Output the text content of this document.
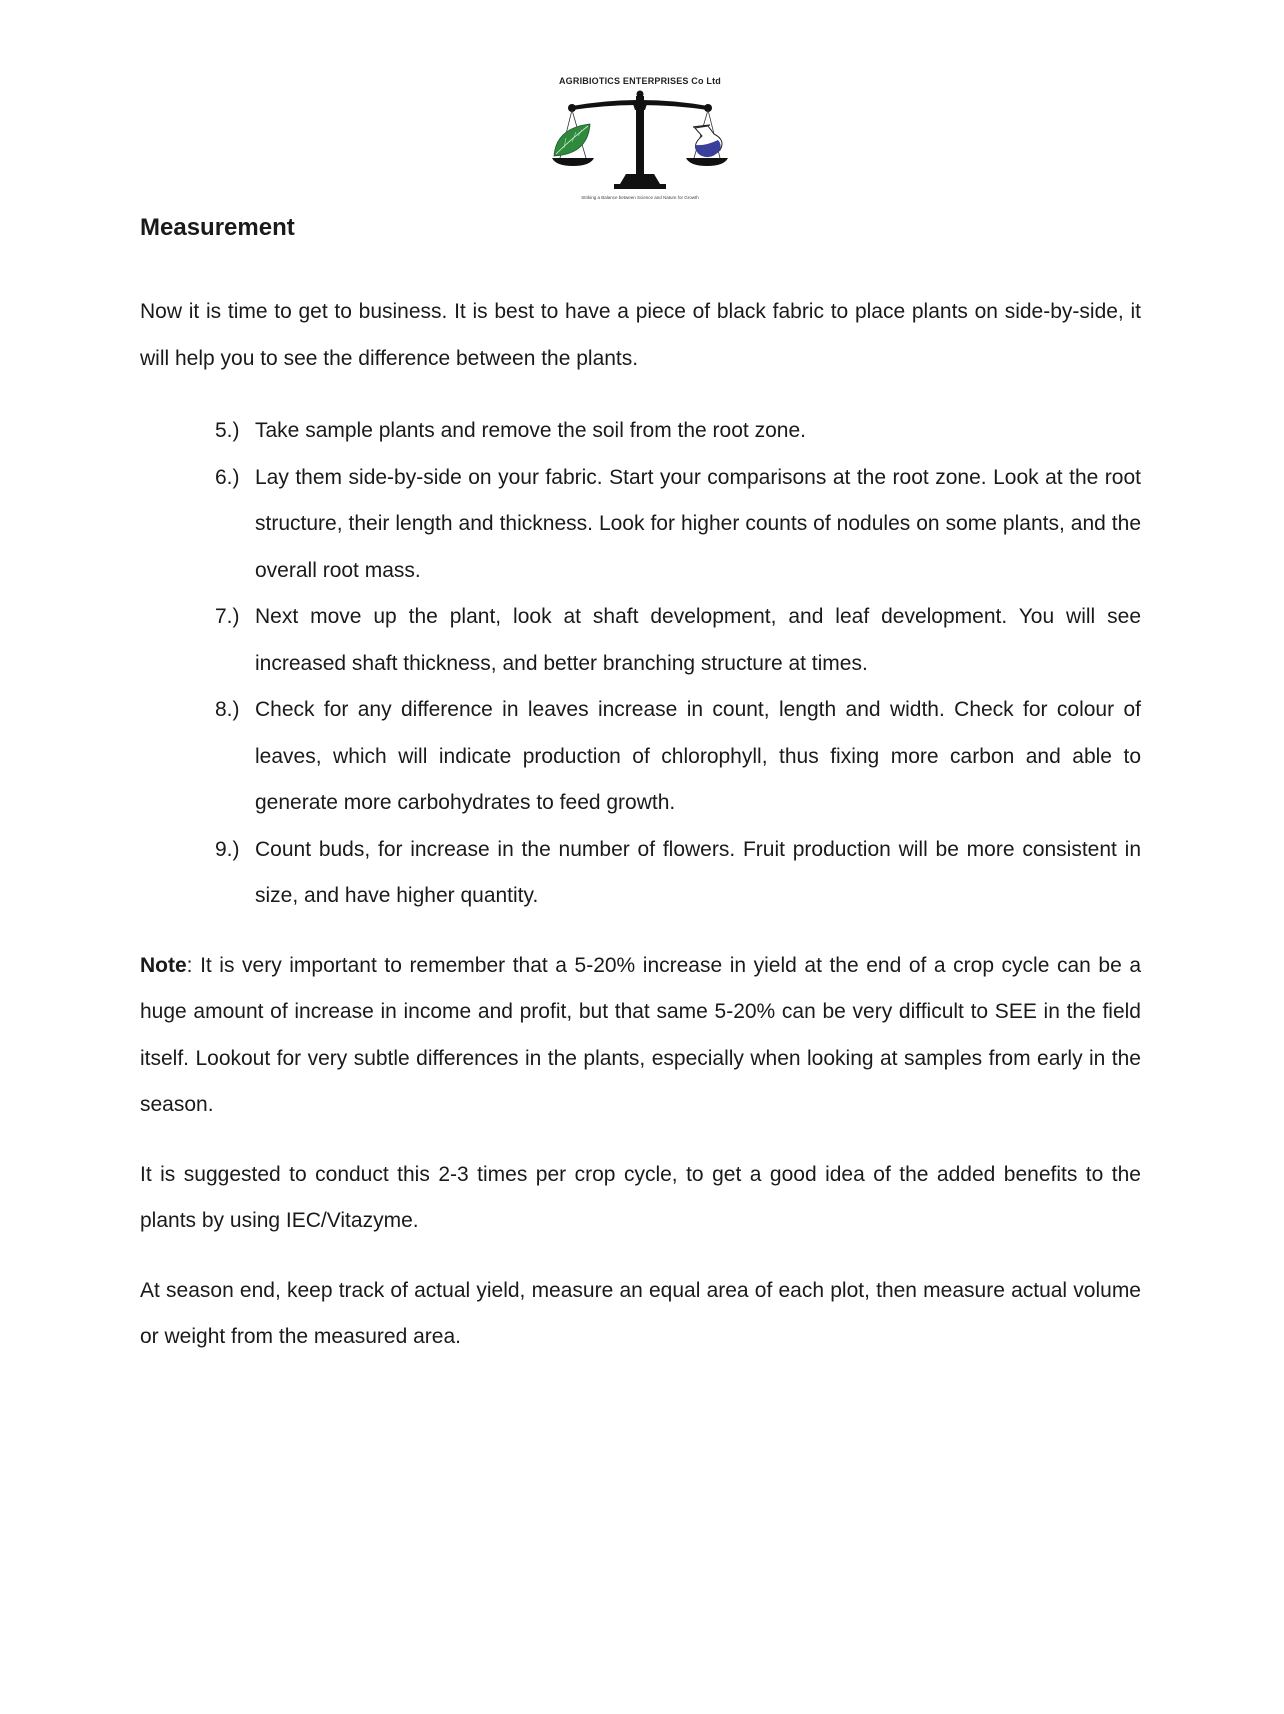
AGRIBIOTICS ENTERPRISES Co Ltd
Striking a Balance between Science and Nature for Growth
Measurement

Now it is time to get to business. It is best to have a piece of black fabric to place plants on side-by-side, it will help you to see the difference between the plants.

5.) Take sample plants and remove the soil from the root zone.
6.) Lay them side-by-side on your fabric. Start your comparisons at the root zone. Look at the root structure, their length and thickness. Look for higher counts of nodules on some plants, and the overall root mass.
7.) Next move up the plant, look at shaft development, and leaf development. You will see increased shaft thickness, and better branching structure at times.
8.) Check for any difference in leaves increase in count, length and width. Check for colour of leaves, which will indicate production of chlorophyll, thus fixing more carbon and able to generate more carbohydrates to feed growth.
9.) Count buds, for increase in the number of flowers. Fruit production will be more consistent in size, and have higher quantity.

Note: It is very important to remember that a 5-20% increase in yield at the end of a crop cycle can be a huge amount of increase in income and profit, but that same 5-20% can be very difficult to SEE in the field itself. Lookout for very subtle differences in the plants, especially when looking at samples from early in the season.

It is suggested to conduct this 2-3 times per crop cycle, to get a good idea of the added benefits to the plants by using IEC/Vitazyme.

At season end, keep track of actual yield, measure an equal area of each plot, then measure actual volume or weight from the measured area.
